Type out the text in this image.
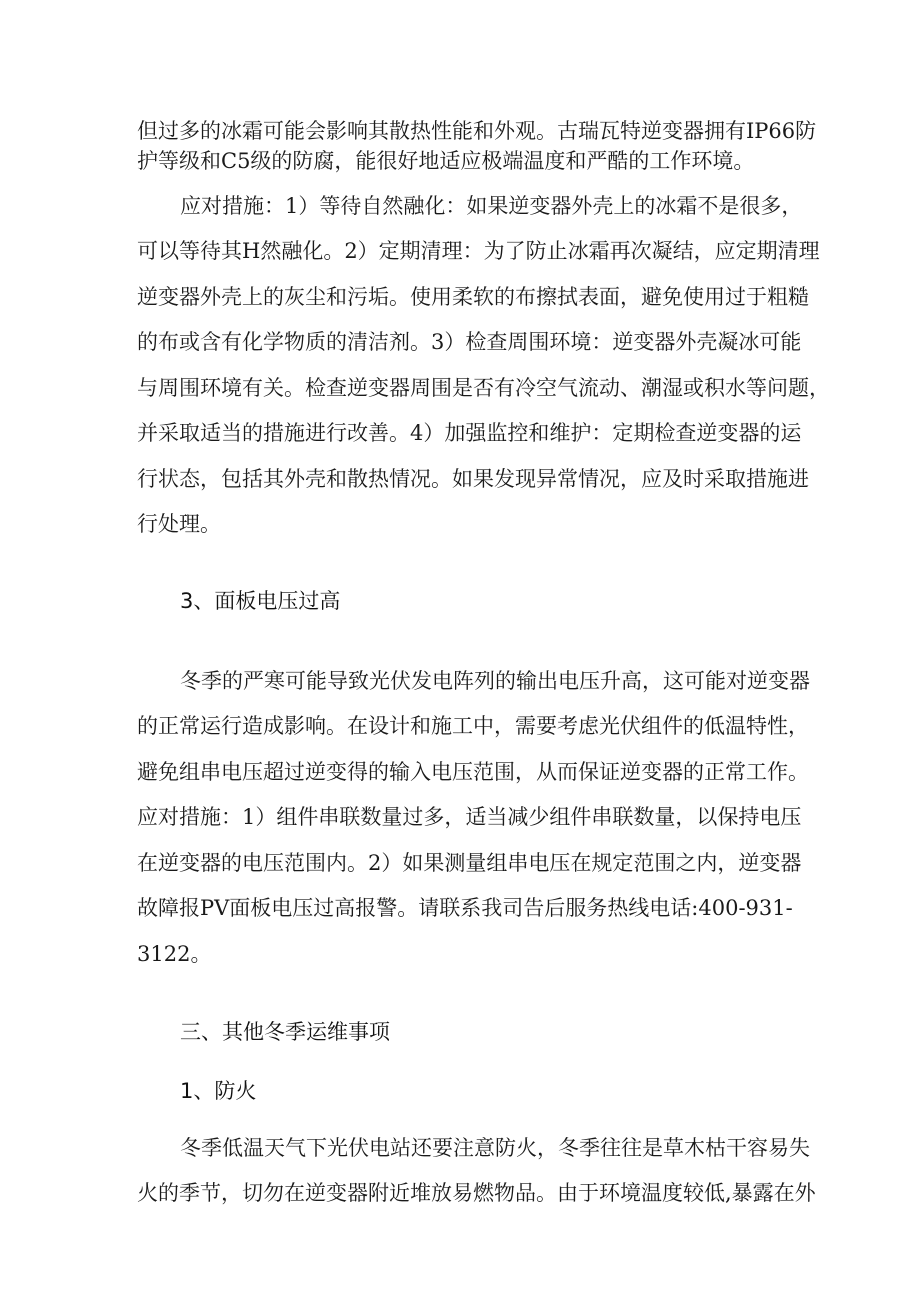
但过多的冰霜可能会影响其散热性能和外观。古瑞瓦特逆变器拥有IP66防
护等级和C5级的防腐，能很好地适应极端温度和严酷的工作环境。
应对措施：1）等待自然融化：如果逆变器外壳上的冰霜不是很多，
可以等待其H然融化。2）定期清理：为了防止冰霜再次凝结，应定期清理
逆变器外壳上的灰尘和污垢。使用柔软的布擦拭表面，避免使用过于粗糙
的布或含有化学物质的清洁剂。3）检查周围环境：逆变器外壳凝冰可能
与周围环境有关。检查逆变器周围是否有冷空气流动、潮湿或积水等问题，
并采取适当的措施进行改善。4）加强监控和维护：定期检查逆变器的运
行状态，包括其外壳和散热情况。如果发现异常情况，应及时采取措施进
行处理。
3、面板电压过高
冬季的严寒可能导致光伏发电阵列的输出电压升高，这可能对逆变器
的正常运行造成影响。在设计和施工中，需要考虑光伏组件的低温特性，
避免组串电压超过逆变得的输入电压范围，从而保证逆变器的正常工作。
应对措施：1）组件串联数量过多，适当减少组件串联数量，以保持电压
在逆变器的电压范围内。2）如果测量组串电压在规定范围之内，逆变器
故障报PV面板电压过高报警。请联系我司告后服务热线电话:400-931-
3122。
三、其他冬季运维事项
1、防火
冬季低温天气下光伏电站还要注意防火，冬季往往是草木枯干容易失
火的季节，切勿在逆变器附近堆放易燃物品。由于环境温度较低,暴露在外
